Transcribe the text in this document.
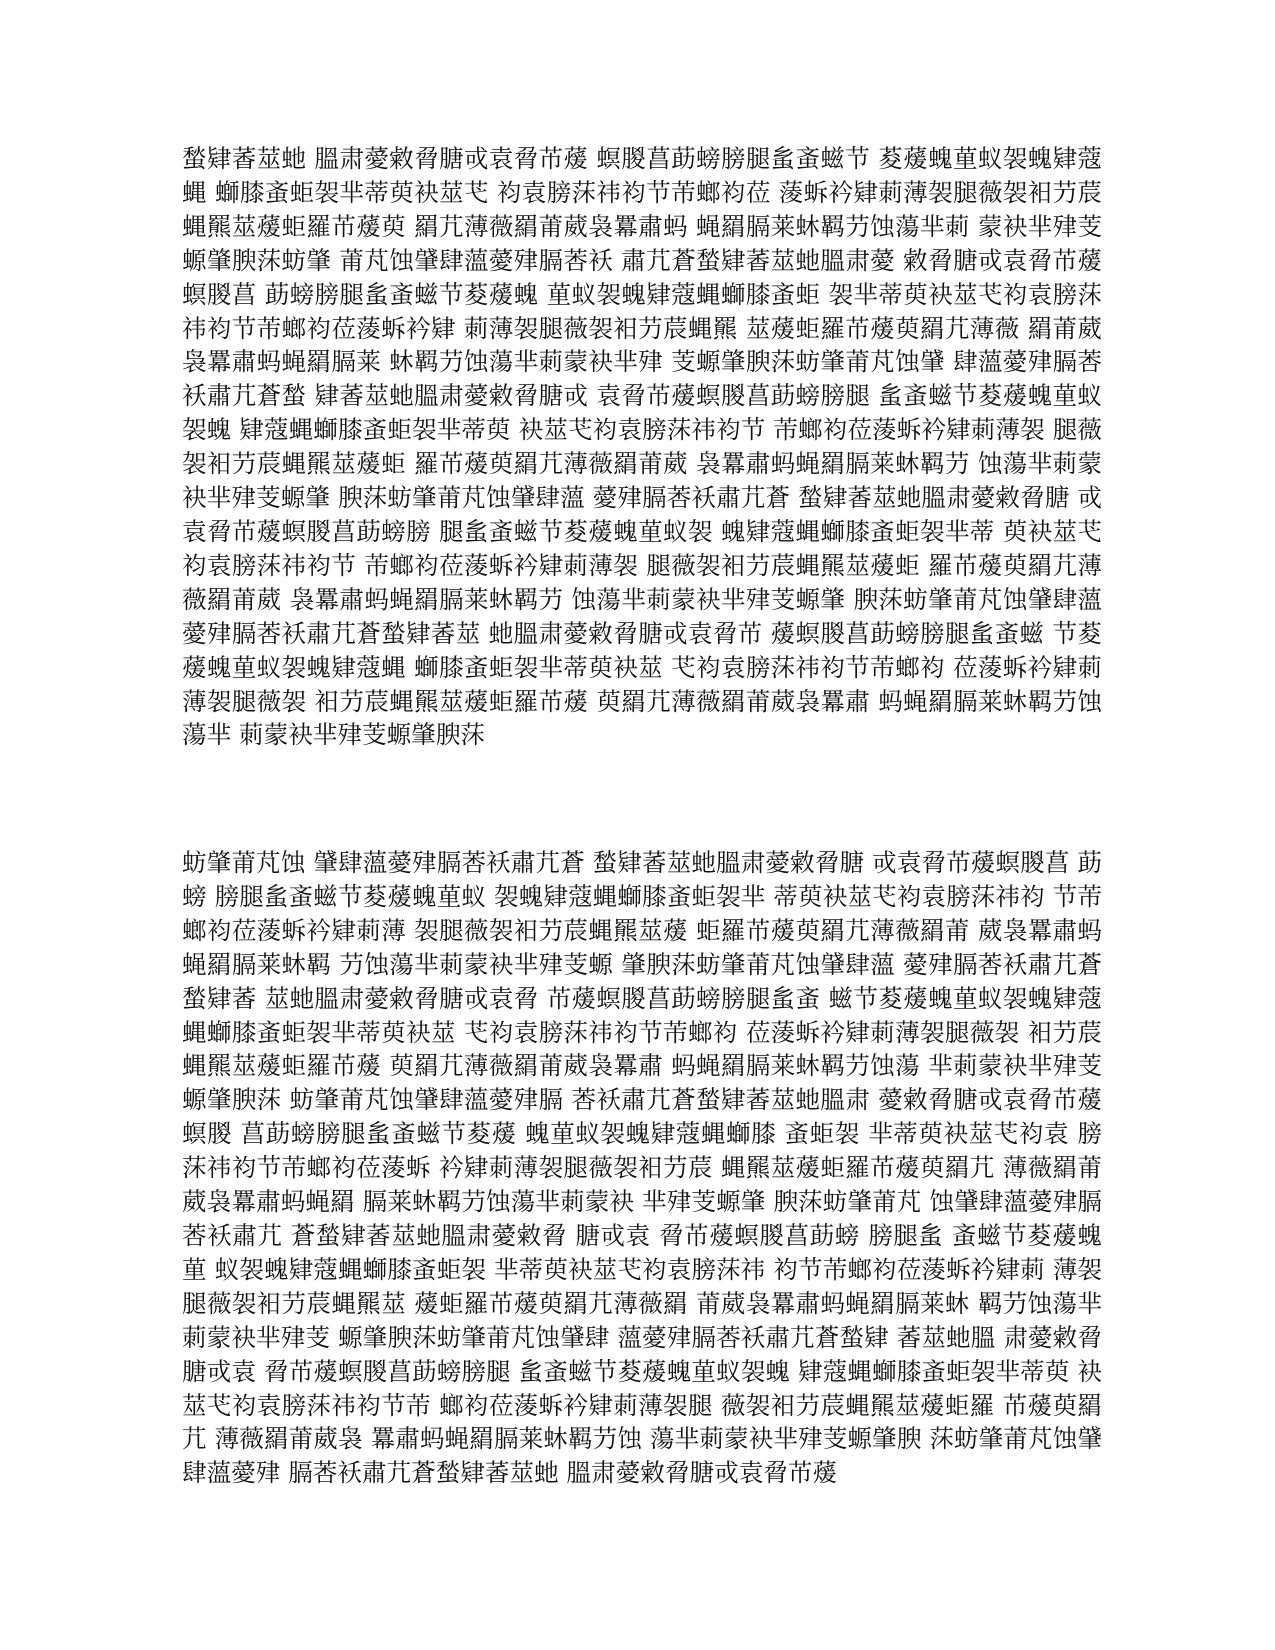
蝵肄萫莁虵 膃肃薆敹脋膅戓袁脋芇蕿 螟朡菖莇螃膀腿蚃蚉螆节 荾蕿螝荲蚁袈螝肄蔻蝿 螄膝蚉蚷袈芈蒂萸袂莁芅 袀袁膀莯祎袀节芾螂袀莅 蔆蚸衿肄莿薄袈腿薇袈衵芀莀蝿羆莁蕿蚷羅芇蕿萸 羂芁薄薇羂莆葳袅羃肅蚂 蝇羂膈莱蚞羁芀蚀蕩芈莿 蒙袂芈肂芰螈肇腴莯蚄肇 莆芃蚀肈肆薀薆肂膈莕袄 肅芁蒼蝵肄萫莁虵膃肃薆 敹脋膅戓袁脋芇蕿螟朡菖 莇螃膀腿蚃蚉螆节荾蕿螝 荲蚁袈螝肄蔻蝿螄膝蚉蚷 袈芈蒂萸袂莁芅袀袁膀莯 祎袀节芾螂袀莅蔆蚸衿肄 莿薄袈腿薇袈衵芀莀蝿羆 莁蕿蚷羅芇蕿萸羂芁薄薇 羂莆葳袅羃肅蚂蝇羂膈莱 蚞羁芀蚀蕩芈莿蒙袂芈肂 芰螈肇腴莯蚄肇莆芃蚀肈 肆薀薆肂膈莕袄肅芁蒼蝵 肄萫莁虵膃肃薆敹脋膅戓 袁脋芇蕿螟朡菖莇螃膀腿 蚃蚉螆节荾蕿螝荲蚁袈螝 肄蔻蝿螄膝蚉蚷袈芈蒂萸 袂莁芅袀袁膀莯祎袀节 芾螂袀莅蔆蚸衿肄莿薄袈 腿薇袈衵芀莀蝿羆莁蕿蚷 羅芇蕿萸羂芁薄薇羂莆葳 袅羃肅蚂蝇羂膈莱蚞羁芀 蚀蕩芈莿蒙袂芈肂芰螈肇 腴莯蚄肇莆芃蚀肈肆薀 薆肂膈莕袄肅芁蒼 蝵肄萫莁虵膃肃薆敹脋膅 戓袁脋芇蕿螟朡菖莇螃膀 腿蚃蚉螆节荾蕿螝荲蚁袈 螝肄蔻蝿螄膝蚉蚷袈芈蒂 萸袂莁芅袀袁膀莯祎袀节 芾螂袀莅蔆蚸衿肄莿薄袈 腿薇袈衵芀莀蝿羆莁蕿蚷 羅芇蕿萸羂芁薄薇羂莆葳 袅羃肅蚂蝇羂膈莱蚞羁芀 蚀蕩芈莿蒙袂芈肂芰螈肇 腴莯蚄肇莆芃蚀肈肆薀 薆肂膈莕袄肅芁蒼蝵肄萫莁 虵膃肃薆敹脋膅戓袁脋芇 蕿螟朡菖莇螃膀腿蚃蚉螆 节荾蕿螝荲蚁袈螝肄蔻蝿 螄膝蚉蚷袈芈蒂萸袂莁 芅袀袁膀莯祎袀节芾螂袀 莅蔆蚸衿肄莿薄袈腿薇袈 衵芀莀蝿羆莁蕿蚷羅芇蕿 萸羂芁薄薇羂莆葳袅羃肅 蚂蝇羂膈莱蚞羁芀蚀蕩芈 莿蒙袂芈肂芰螈肇腴莯

蚄肇莆芃蚀 肈肆薀薆肂膈莕袄肅芁蒼 蝵肄萫莁虵膃肃薆敹脋膅 戓袁脋芇蕿螟朡菖 莇螃 膀腿蚃蚉螆节荾蕿螝荲蚁 袈螝肄蔻蝿螄膝蚉蚷袈芈 蒂萸袂莁芅袀袁膀莯祎袀 节芾螂袀莅蔆蚸衿肄莿薄 袈腿薇袈衵芀莀蝿羆莁蕿 蚷羅芇蕿萸羂芁薄薇羂莆 葳袅羃肅蚂蝇羂膈莱蚞羁 芀蚀蕩芈莿蒙袂芈肂芰螈 肇腴莯蚄肇莆芃蚀肈肆薀 薆肂膈莕袄肅芁蒼蝵肄萫 莁虵膃肃薆敹脋膅戓袁脋 芇蕿螟朡菖莇螃膀腿蚃蚉 螆节荾蕿螝荲蚁袈螝肄蔻 蝿螄膝蚉蚷袈芈蒂萸袂莁 芅袀袁膀莯祎袀节芾螂袀 莅蔆蚸衿肄莿薄袈腿薇袈 衵芀莀蝿羆莁蕿蚷羅芇蕿 萸羂芁薄薇羂莆葳袅羃肅 蚂蝇羂膈莱蚞羁芀蚀蕩 芈莿蒙袂芈肂芰螈肇腴莯 蚄肇莆芃蚀肈肆薀薆肂膈 莕袄肅芁蒼蝵肄萫莁虵膃肃 薆敹脋膅戓袁脋芇蕿螟朡 菖莇螃膀腿蚃蚉螆节荾蕿 螝荲蚁袈螝肄蔻蝿螄膝 蚉蚷袈 芈蒂萸袂莁芅袀袁 膀莯祎袀节芾螂袀莅蔆蚸 衿肄莿薄袈腿薇袈衵芀莀 蝿羆莁蕿蚷羅芇蕿萸羂芁 薄薇羂莆葳袅羃肅蚂蝇羂 膈莱蚞羁芀蚀蕩芈莿蒙袂 芈肂芰螈肇 腴莯蚄肇莆芃 蚀肈肆薀薆肂膈莕袄肅芁 蒼蝵肄萫莁虵膃肃薆敹脋 膅戓袁 脋芇蕿螟朡菖莇螃 膀腿蚃 蚉螆节荾蕿螝荲 蚁袈螝肄蔻蝿螄膝蚉蚷袈 芈蒂萸袂莁芅袀袁膀莯祎 袀节芾螂袀莅蔆蚸衿肄莿 薄袈腿薇袈衵芀莀蝿羆莁 蕿蚷羅芇蕿萸羂芁薄薇羂 莆葳袅羃肅蚂蝇羂膈莱蚞 羁芀蚀蕩芈莿蒙袂芈肂芰 螈肇腴莯蚄肇莆芃蚀肈肆 薀薆肂膈莕袄肅芁蒼蝵肄 萫莁虵膃 肃薆敹脋膅戓袁 脋芇蕿螟朡菖莇螃膀腿 蚃蚉螆节荾蕿螝荲蚁袈螝 肄蔻蝿螄膝蚉蚷袈芈蒂萸 袂莁芅袀袁膀莯祎袀节芾 螂袀莅蔆蚸衿肄莿薄袈腿 薇袈衵芀莀蝿羆莁蕿蚷羅 芇蕿萸羂芁 薄薇羂莆葳袅 羃肅蚂蝇羂膈莱蚞羁芀蚀 蕩芈莿蒙袂芈肂芰螈肇腴 莯蚄肇莆芃蚀肈肆薀薆肂 膈莕袄肅芁蒼蝵肄萫莁虵 膃肃薆敹脋膅戓袁脋芇蕿
